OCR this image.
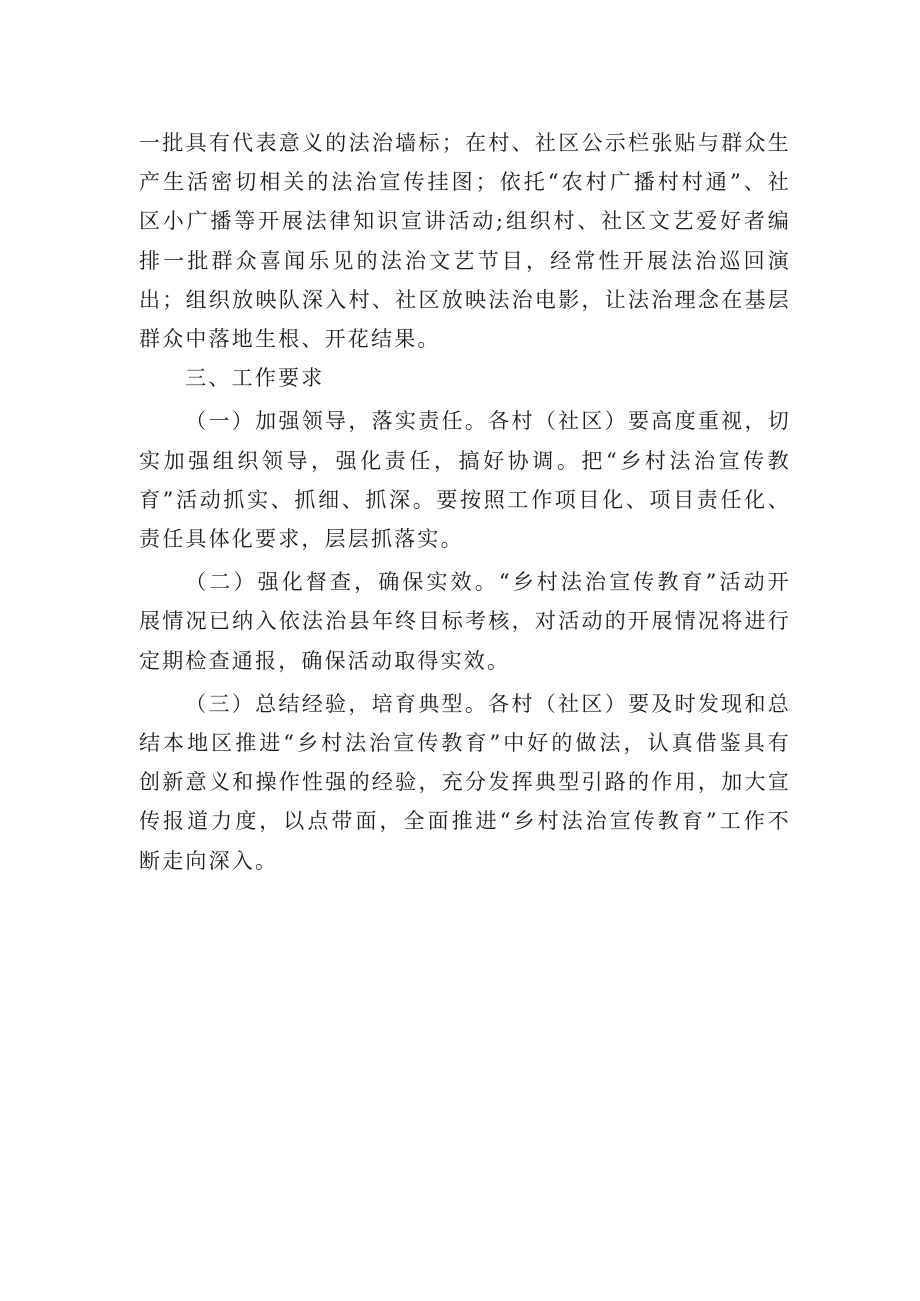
一批具有代表意义的法治墙标；在村、社区公示栏张贴与群众生产生活密切相关的法治宣传挂图；依托“农村广播村村通”、社区小广播等开展法律知识宣讲活动;组织村、社区文艺爱好者编排一批群众喜闻乐见的法治文艺节目，经常性开展法治巡回演出；组织放映队深入村、社区放映法治电影，让法治理念在基层群众中落地生根、开花结果。

三、工作要求

（一）加强领导，落实责任。各村（社区）要高度重视，切实加强组织领导，强化责任，搞好协调。把“乡村法治宣传教育”活动抓实、抓细、抓深。要按照工作项目化、项目责任化、责任具体化要求，层层抓落实。

（二）强化督查，确保实效。“乡村法治宣传教育”活动开展情况已纳入依法治县年终目标考核，对活动的开展情况将进行定期检查通报，确保活动取得实效。

（三）总结经验，培育典型。各村（社区）要及时发现和总结本地区推进“乡村法治宣传教育”中好的做法，认真借鉴具有创新意义和操作性强的经验，充分发挥典型引路的作用，加大宣传报道力度，以点带面，全面推进“乡村法治宣传教育”工作不断走向深入。
